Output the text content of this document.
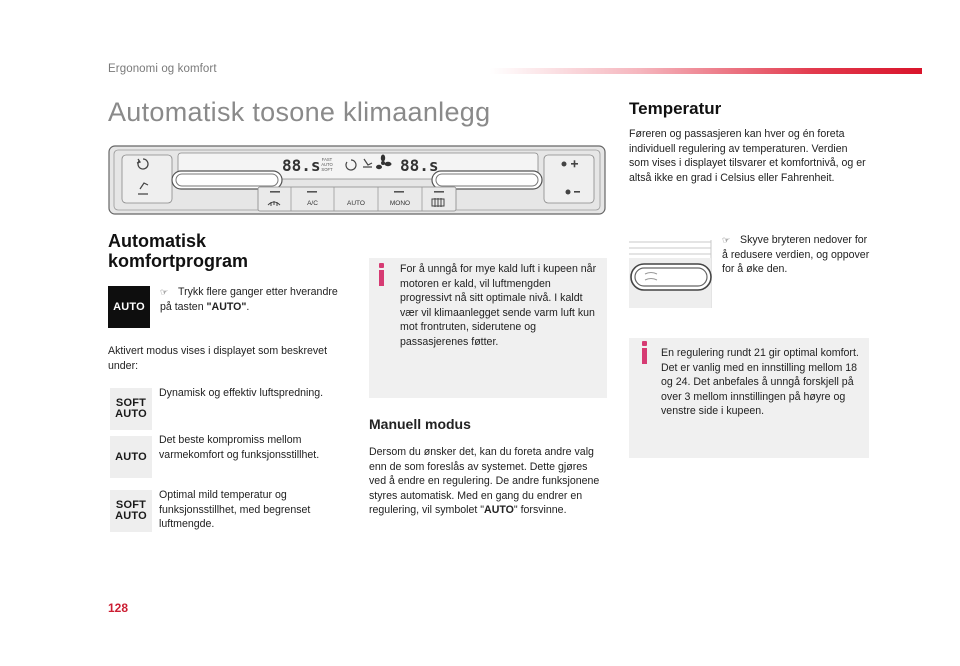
Ergonomi og komfort
Automatisk tosone klimaanlegg
88.s	88.s
FAST
AUTO
SOFT
A/C	AUTO	MONO
Automatisk
komfortprogram
AUTO
☞ Trykk flere ganger etter hverandre på tasten "AUTO".
Aktivert modus vises i displayet som beskrevet under:
SOFT
AUTO
Dynamisk og effektiv luftspredning.
AUTO
Det beste kompromiss mellom varmekomfort og funksjonsstillhet.
SOFT
AUTO
Optimal mild temperatur og funksjonsstillhet, med begrenset luftmengde.
For å unngå for mye kald luft i kupeen når motoren er kald, vil luftmengden progressivt nå sitt optimale nivå. I kaldt vær vil klimaanlegget sende varm luft kun mot frontruten, siderutene og passasjerenes føtter.
Manuell modus
Dersom du ønsker det, kan du foreta andre valg enn de som foreslås av systemet. Dette gjøres ved å endre en regulering. De andre funksjonene styres automatisk. Med en gang du endrer en regulering, vil symbolet "AUTO" forsvinne.
Temperatur
Føreren og passasjeren kan hver og én foreta individuell regulering av temperaturen. Verdien som vises i displayet tilsvarer et komfortnivå, og er altså ikke en grad i Celsius eller Fahrenheit.
☞ Skyve bryteren nedover for å redusere verdien, og oppover for å øke den.
En regulering rundt 21 gir optimal komfort. Det er vanlig med en innstilling mellom 18 og 24. Det anbefales å unngå forskjell på over 3 mellom innstillingen på høyre og venstre side i kupeen.
128
